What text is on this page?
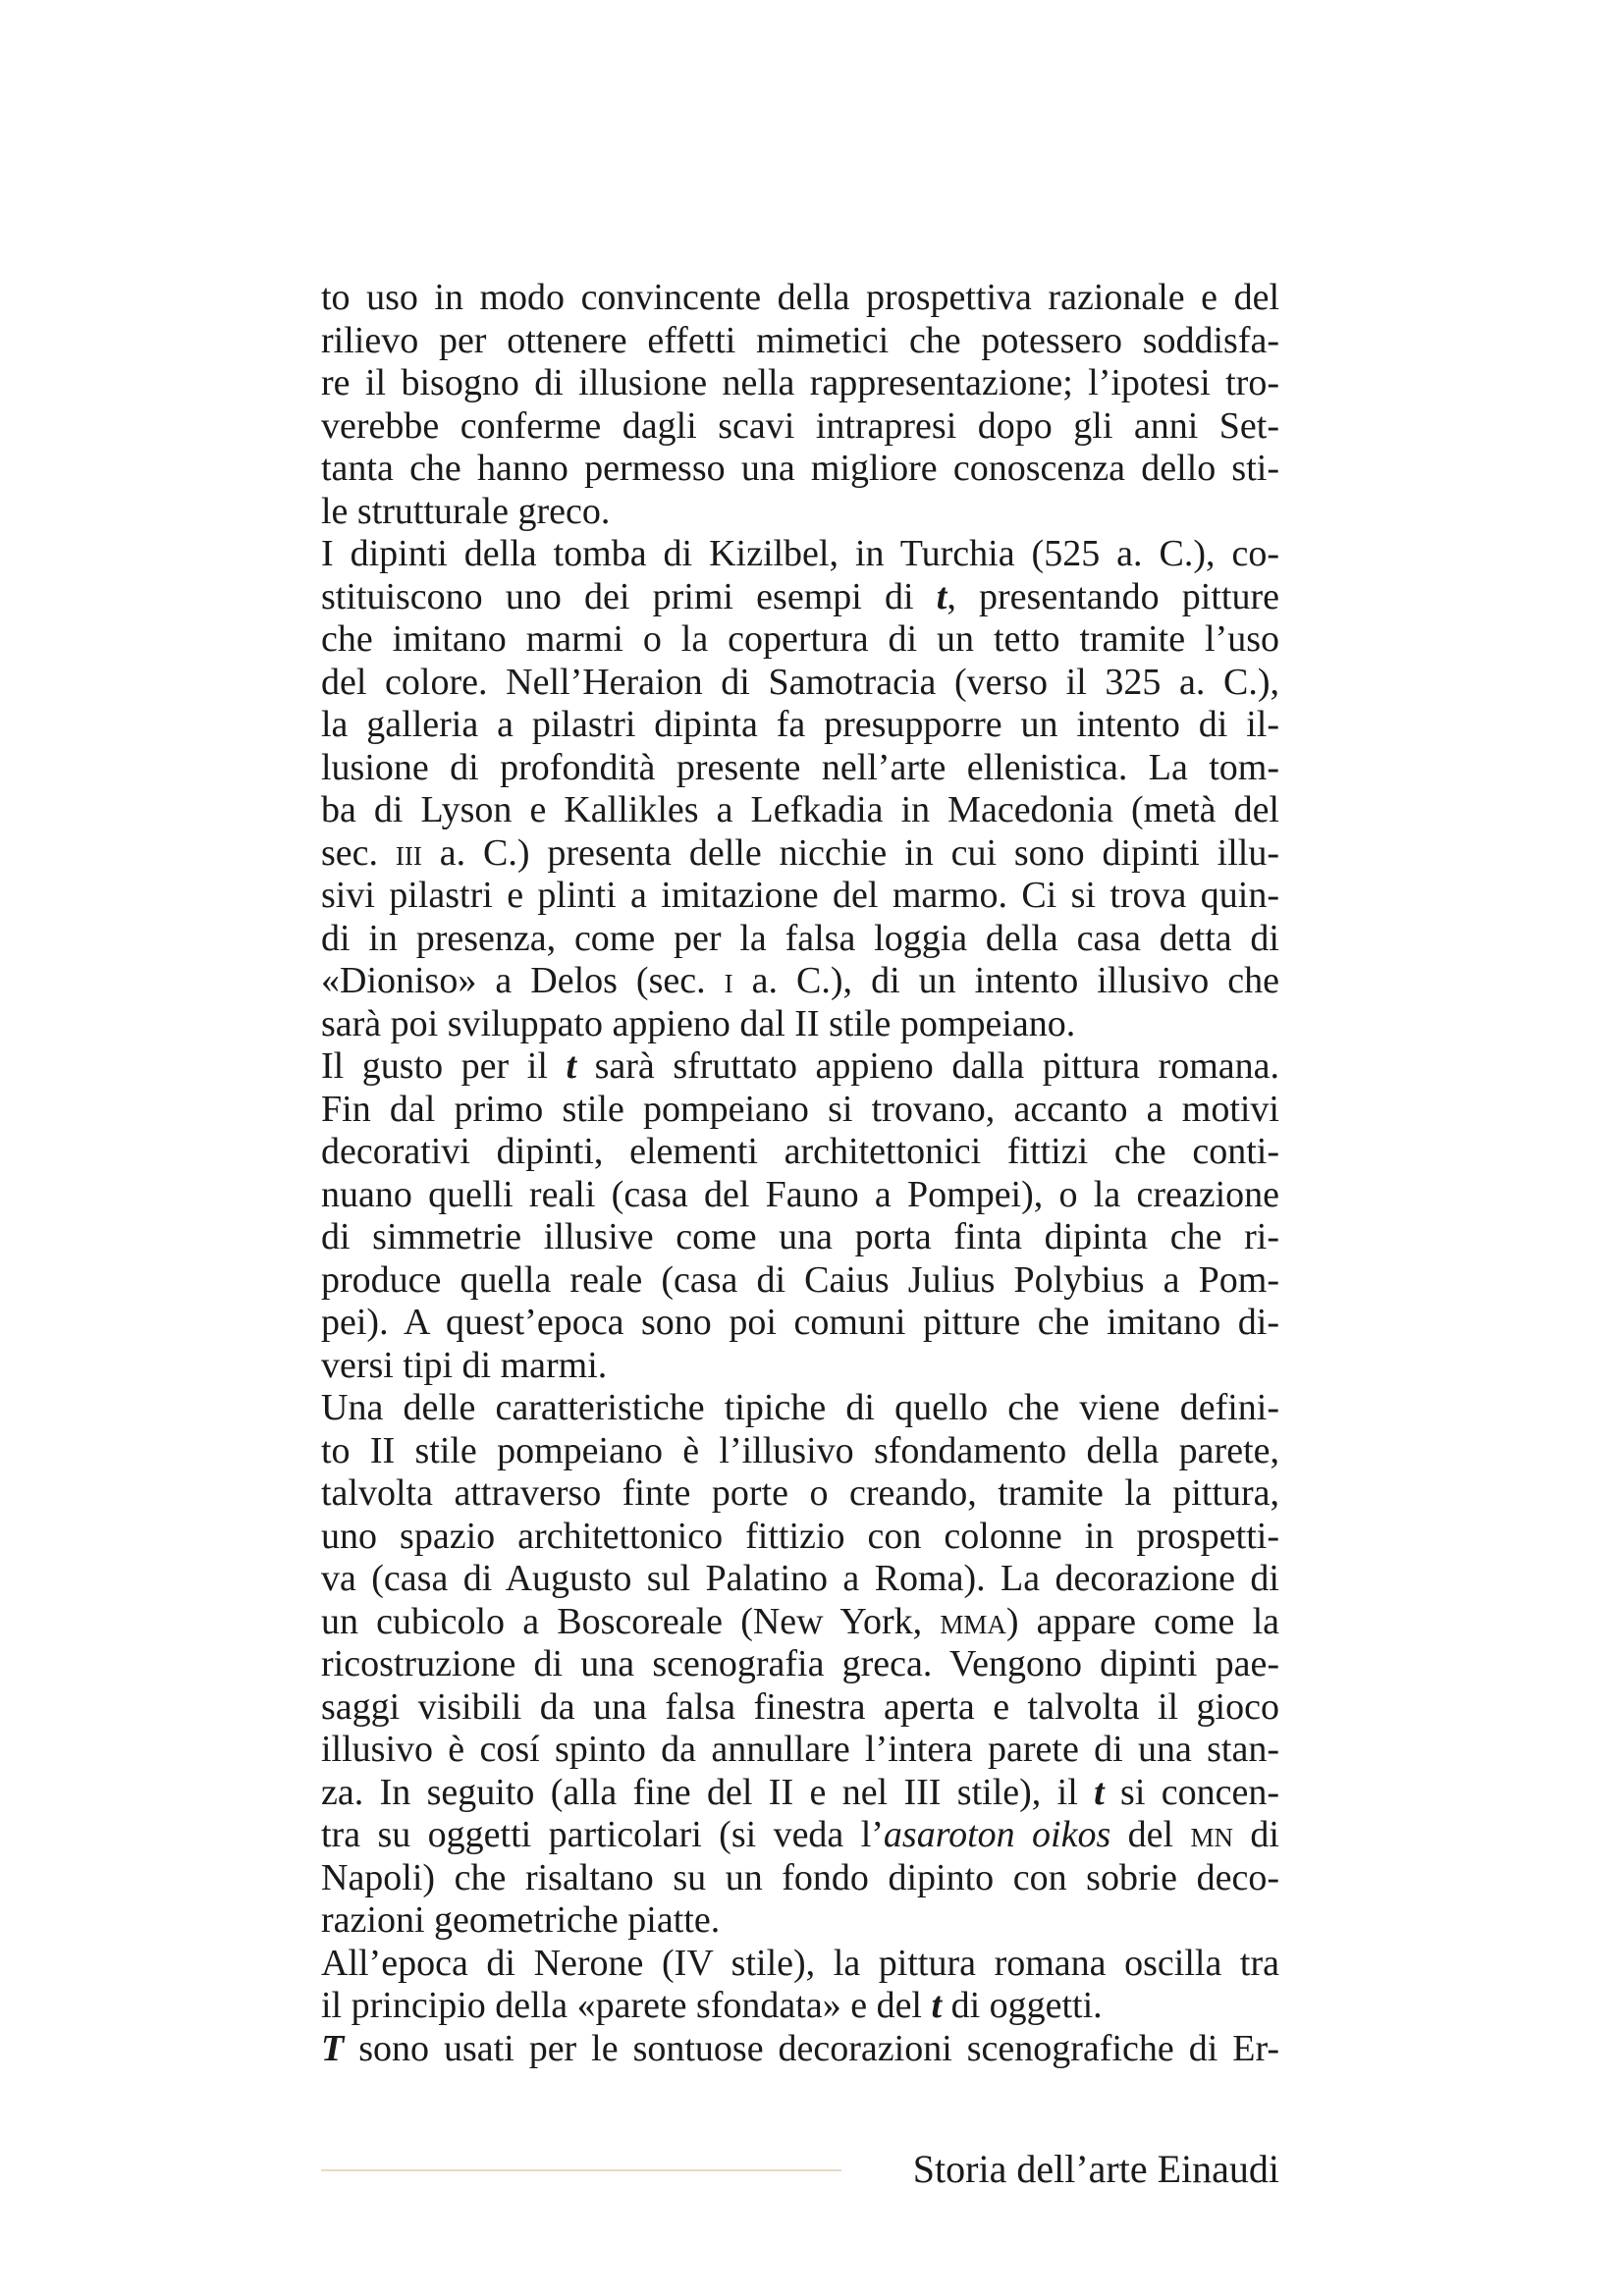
to uso in modo convincente della prospettiva razionale e del
rilievo per ottenere effetti mimetici che potessero soddisfa-
re il bisogno di illusione nella rappresentazione; l’ipotesi tro-
verebbe conferme dagli scavi intrapresi dopo gli anni Set-
tanta che hanno permesso una migliore conoscenza dello sti-
le strutturale greco.
I dipinti della tomba di Kizilbel, in Turchia (525 a. C.), co-
stituiscono uno dei primi esempi di t, presentando pitture
che imitano marmi o la copertura di un tetto tramite l’uso
del colore. Nell’Heraion di Samotracia (verso il 325 a. C.),
la galleria a pilastri dipinta fa presupporre un intento di il-
lusione di profondità presente nell’arte ellenistica. La tom-
ba di Lyson e Kallikles a Lefkadia in Macedonia (metà del
sec. iii a. C.) presenta delle nicchie in cui sono dipinti illu-
sivi pilastri e plinti a imitazione del marmo. Ci si trova quin-
di in presenza, come per la falsa loggia della casa detta di
«Dioniso» a Delos (sec. i a. C.), di un intento illusivo che
sarà poi sviluppato appieno dal II stile pompeiano.
Il gusto per il t sarà sfruttato appieno dalla pittura romana.
Fin dal primo stile pompeiano si trovano, accanto a motivi
decorativi dipinti, elementi architettonici fittizi che conti-
nuano quelli reali (casa del Fauno a Pompei), o la creazione
di simmetrie illusive come una porta finta dipinta che ri-
produce quella reale (casa di Caius Julius Polybius a Pom-
pei). A quest’epoca sono poi comuni pitture che imitano di-
versi tipi di marmi.
Una delle caratteristiche tipiche di quello che viene defini-
to II stile pompeiano è l’illusivo sfondamento della parete,
talvolta attraverso finte porte o creando, tramite la pittura,
uno spazio architettonico fittizio con colonne in prospetti-
va (casa di Augusto sul Palatino a Roma). La decorazione di
un cubicolo a Boscoreale (New York, mma) appare come la
ricostruzione di una scenografia greca. Vengono dipinti pae-
saggi visibili da una falsa finestra aperta e talvolta il gioco
illusivo è cosí spinto da annullare l’intera parete di una stan-
za. In seguito (alla fine del II e nel III stile), il t si concen-
tra su oggetti particolari (si veda l’asaroton oikos del mn di
Napoli) che risaltano su un fondo dipinto con sobrie deco-
razioni geometriche piatte.
All’epoca di Nerone (IV stile), la pittura romana oscilla tra
il principio della «parete sfondata» e del t di oggetti.
T sono usati per le sontuose decorazioni scenografiche di Er-
Storia dell’arte Einaudi
